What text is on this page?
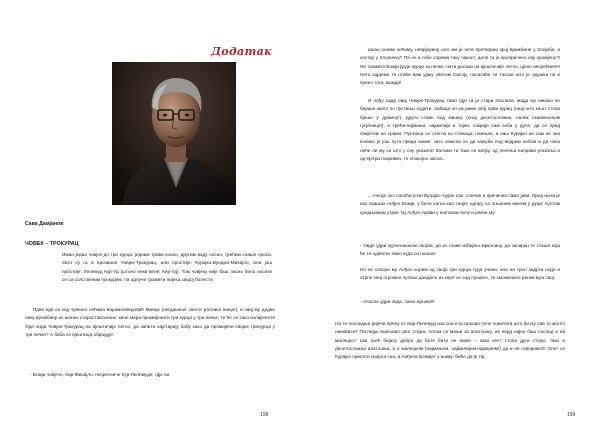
Додатак
Сава Дамјанов
ЧОВЕК – ТРОКУРАЦ

Имао један човјек до три курца: једним трави косио, другим воду носио, трећим снаше проси. Зато су га и прозвали Човјек-Трокурац, или простије: Курајко-Вуцајко-Михајло, или још простије: Лелемуд Кур-Уд (штоно неки веле: Кер-Уд). Том човјеку није баш ласно било носити се са солственим трокудем, па одлучи тражити лијека својој болести.

Прво оде он код чувеног хећима Карамехмедовић Минце (негдашњег светог ратника нинџе), и овај му дадне неку вражбину из њених старостављених: кине мора промијенити три курца у три пичке, те ће се тако излијечити! Оде онда Човјек-Трокурац на вјештичије легло, да запита најстарију бабу како да промијени својих тринурца у три пичке? А баба се вјештица обрадује:

- Божји човјече, Кир-Михајло, несретниче Кур-Лелемуде, гдје си

198

ишао ономе хећиму, неврјерину што ми је зета претворио крој вражбине у Злојеба, а сестру у Злопичку? Па он и тебе спрема таку пакост, доле ти је пропричено сву промјену?! Не тражите Божји југде курце за пичке, нити долази на вјештичије легло, цјене несрећниче! Него хајдемо те отићи вам ујаку светом Сисоју, посисаће ти таське што је одушка па и прено тога, можда!

И пођу сада оваj Човјек-Трокурац тамо гдје га је стара послала, мада му никако не бејаше мило по пустињи ходити. Забаци он на раме свој први курац (онај што кешт стопа бјеше у дужину!), други ставн под мишку (онај десетосложни, налик скамењеном гусјеници!), а трећи-најмањи, најмилији и тајни, сакрије сам себи у дупе, да се пред свијетом не срами. Пустиња се отегла ко стиница; пожњан, а наш Курајко ни сам не зна колико је још пута преда њиме: зато смисли он да зажуби под ведрим небом и да чека неће ли му се што у сну указати! Заложи ти тако он ватру, од личења направи угазаља и од ејетра покривач, те спокојно заспа...

... Негде око поноћи уочи Вуцајко чудан сан, сличан и причичан само јави. Пред њега је као изашао Анђео Божји, у бели хаљи као снијег одору, са огњеним мачем у руци: пустом средњимом утрке тај Анђео прави у његовом челу и рекне му:

- Овде удри курченишком својом, да из главе избијеш мрколину, да засијаш те сташа која ће те одвести тамо куда си пошао!

Но не отвори му Анђео корим од своја три курца туда учини, али на трен задрти скује и отрпе свој огромно чулазо дандало из којег се сад пушило, те сможенисе ренки вуш свој:

- Апосле удри овде, само мушки!!!

На те последње ријечи прену се Кир-Лелемуд иза сна и устрашан поче понитати што би му сав то могло наиявати? Погледа пажљиво свог стојка, потом се маши за алатљику, на нерд најно баш послед и на малецког: сав трећ бејаху добро да боте бити не може – како кест стопа дуги стојко, тако и десетосложна алатљика, а о малецком (најмањем, најмилијем-највајнем!) да и не говоримо!!! Опет се Курајко присети својега сна, и Анђела Божијег у њиму: биће да је тај

199
